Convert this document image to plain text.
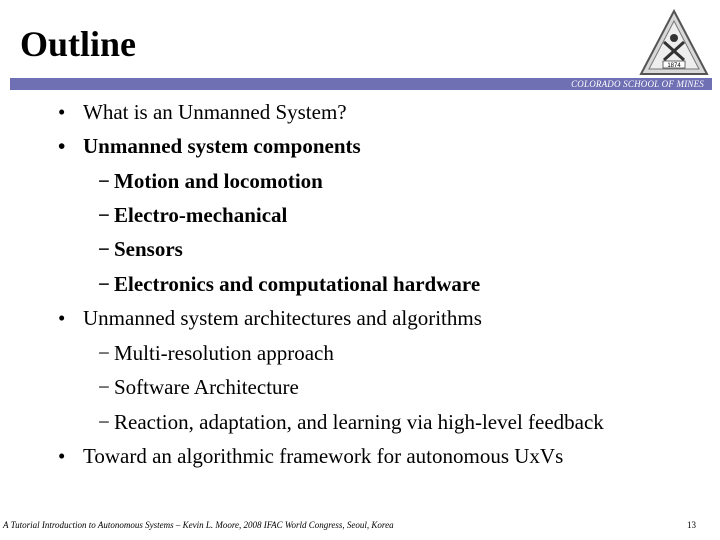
Outline
1874
COLORADO SCHOOL OF MINES
• What is an Unmanned System?
• Unmanned system components
− Motion and locomotion
− Electro-mechanical
− Sensors
− Electronics and computational hardware
• Unmanned system architectures and algorithms
− Multi-resolution approach
− Software Architecture
− Reaction, adaptation, and learning via high-level feedback
• Toward an algorithmic framework for autonomous UxVs
A Tutorial Introduction to Autonomous Systems – Kevin L. Moore, 2008 IFAC World Congress, Seoul, Korea	13
